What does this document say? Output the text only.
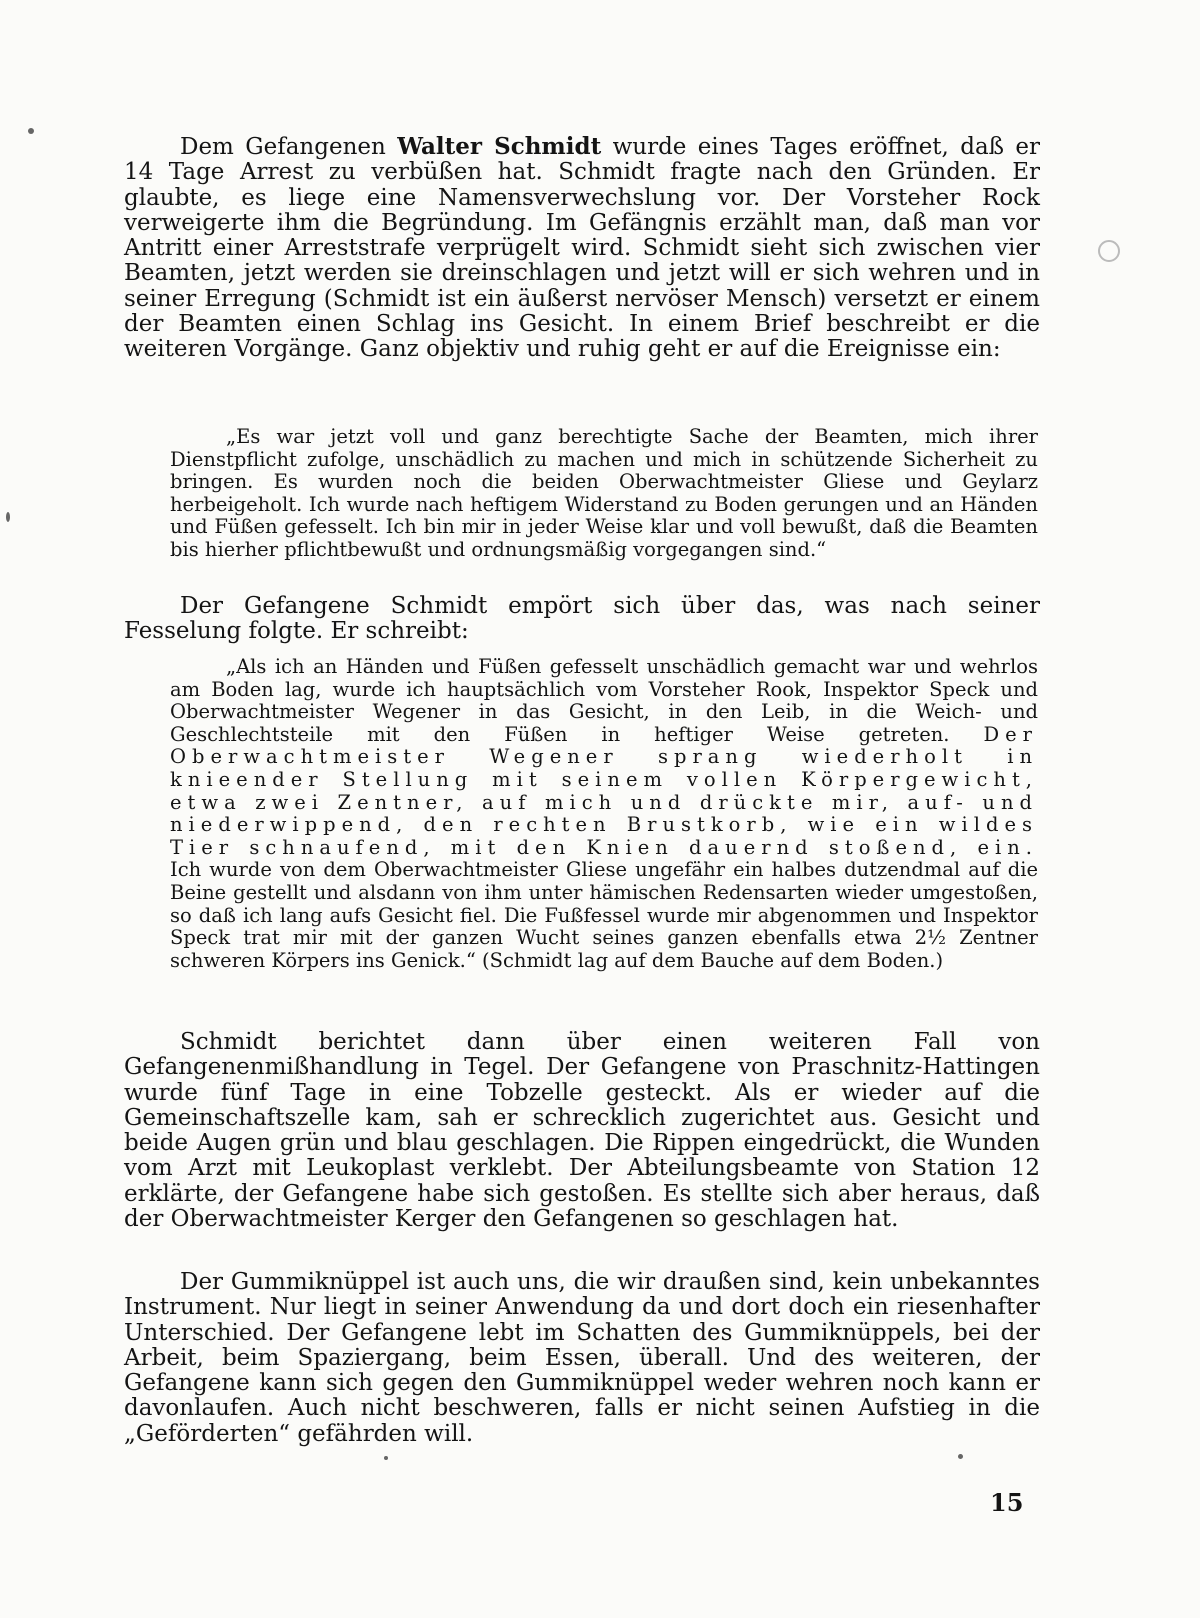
Dem Gefangenen Walter Schmidt wurde eines Tages eröffnet, daß er 14 Tage Arrest zu verbüßen hat. Schmidt fragte nach den Gründen. Er glaubte, es liege eine Namensverwechslung vor. Der Vorsteher Rock verweigerte ihm die Begründung. Im Gefängnis erzählt man, daß man vor Antritt einer Arreststrafe verprügelt wird. Schmidt sieht sich zwischen vier Beamten, jetzt werden sie dreinschlagen und jetzt will er sich wehren und in seiner Erregung (Schmidt ist ein äußerst nervöser Mensch) versetzt er einem der Beamten einen Schlag ins Gesicht. In einem Brief beschreibt er die weiteren Vorgänge. Ganz objektiv und ruhig geht er auf die Ereignisse ein:

„Es war jetzt voll und ganz berechtigte Sache der Beamten, mich ihrer Dienstpflicht zufolge, unschädlich zu machen und mich in schützende Sicherheit zu bringen. Es wurden noch die beiden Oberwachtmeister Gliese und Geylarz herbeigeholt. Ich wurde nach heftigem Widerstand zu Boden gerungen und an Händen und Füßen gefesselt. Ich bin mir in jeder Weise klar und voll bewußt, daß die Beamten bis hierher pflichtbewußt und ordnungsmäßig vorgegangen sind.“

Der Gefangene Schmidt empört sich über das, was nach seiner Fesselung folgte. Er schreibt:

„Als ich an Händen und Füßen gefesselt unschädlich gemacht war und wehrlos am Boden lag, wurde ich hauptsächlich vom Vorsteher Rook, Inspektor Speck und Oberwachtmeister Wegener in das Gesicht, in den Leib, in die Weich- und Geschlechtsteile mit den Füßen in heftiger Weise getreten. Der Oberwachtmeister Wegener sprang wiederholt in knieender Stellung mit seinem vollen Körpergewicht, etwa zwei Zentner, auf mich und drückte mir, auf- und niederwippend, den rechten Brustkorb, wie ein wildes Tier schnaufend, mit den Knien dauernd stoßend, ein. Ich wurde von dem Oberwachtmeister Gliese ungefähr ein halbes dutzendmal auf die Beine gestellt und alsdann von ihm unter hämischen Redensarten wieder umgestoßen, so daß ich lang aufs Gesicht fiel. Die Fußfessel wurde mir abgenommen und Inspektor Speck trat mir mit der ganzen Wucht seines ganzen ebenfalls etwa 2½ Zentner schweren Körpers ins Genick.“ (Schmidt lag auf dem Bauche auf dem Boden.)

Schmidt berichtet dann über einen weiteren Fall von Gefangenenmißhandlung in Tegel. Der Gefangene von Praschnitz-Hattingen wurde fünf Tage in eine Tobzelle gesteckt. Als er wieder auf die Gemeinschaftszelle kam, sah er schrecklich zugerichtet aus. Gesicht und beide Augen grün und blau geschlagen. Die Rippen eingedrückt, die Wunden vom Arzt mit Leukoplast verklebt. Der Abteilungsbeamte von Station 12 erklärte, der Gefangene habe sich gestoßen. Es stellte sich aber heraus, daß der Oberwachtmeister Kerger den Gefangenen so geschlagen hat.

Der Gummiknüppel ist auch uns, die wir draußen sind, kein unbekanntes Instrument. Nur liegt in seiner Anwendung da und dort doch ein riesenhafter Unterschied. Der Gefangene lebt im Schatten des Gummiknüppels, bei der Arbeit, beim Spaziergang, beim Essen, überall. Und des weiteren, der Gefangene kann sich gegen den Gummiknüppel weder wehren noch kann er davonlaufen. Auch nicht beschweren, falls er nicht seinen Aufstieg in die „Geförderten“ gefährden will.

15
